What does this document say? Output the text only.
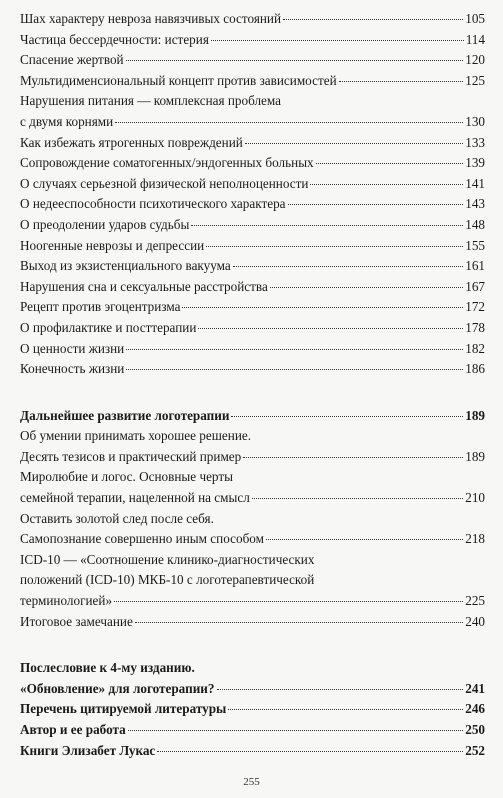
Шах характеру невроза навязчивых состояний	105
Частица бессердечности: истерия	114
Спасение жертвой	120
Мультидименсиональный концепт против зависимостей	125
Нарушения питания — комплексная проблема
с двумя корнями	130
Как избежать ятрогенных повреждений	133
Сопровождение соматогенных/эндогенных больных	139
О случаях серьезной физической неполноценности	141
О недееспособности психотического характера	143
О преодолении ударов судьбы	148
Ноогенные неврозы и депрессии	155
Выход из экзистенциального вакуума	161
Нарушения сна и сексуальные расстройства	167
Рецепт против эгоцентризма	172
О профилактике и посттерапии	178
О ценности жизни	182
Конечность жизни	186
Дальнейшее развитие логотерапии	189
Об умении принимать хорошее решение.
Десять тезисов и практический пример	189
Миролюбие и логос. Основные черты
семейной терапии, нацеленной на смысл	210
Оставить золотой след после себя.
Самопознание совершенно иным способом	218
ICD-10 — «Соотношение клинико-диагностических
положений (ICD-10) МКБ-10 с логотерапевтической
терминологией»	225
Итоговое замечание	240
Послесловие к 4-му изданию.
«Обновление» для логотерапии?	241
Перечень цитируемой литературы	246
Автор и ее работа	250
Книги Элизабет Лукас	252
255
